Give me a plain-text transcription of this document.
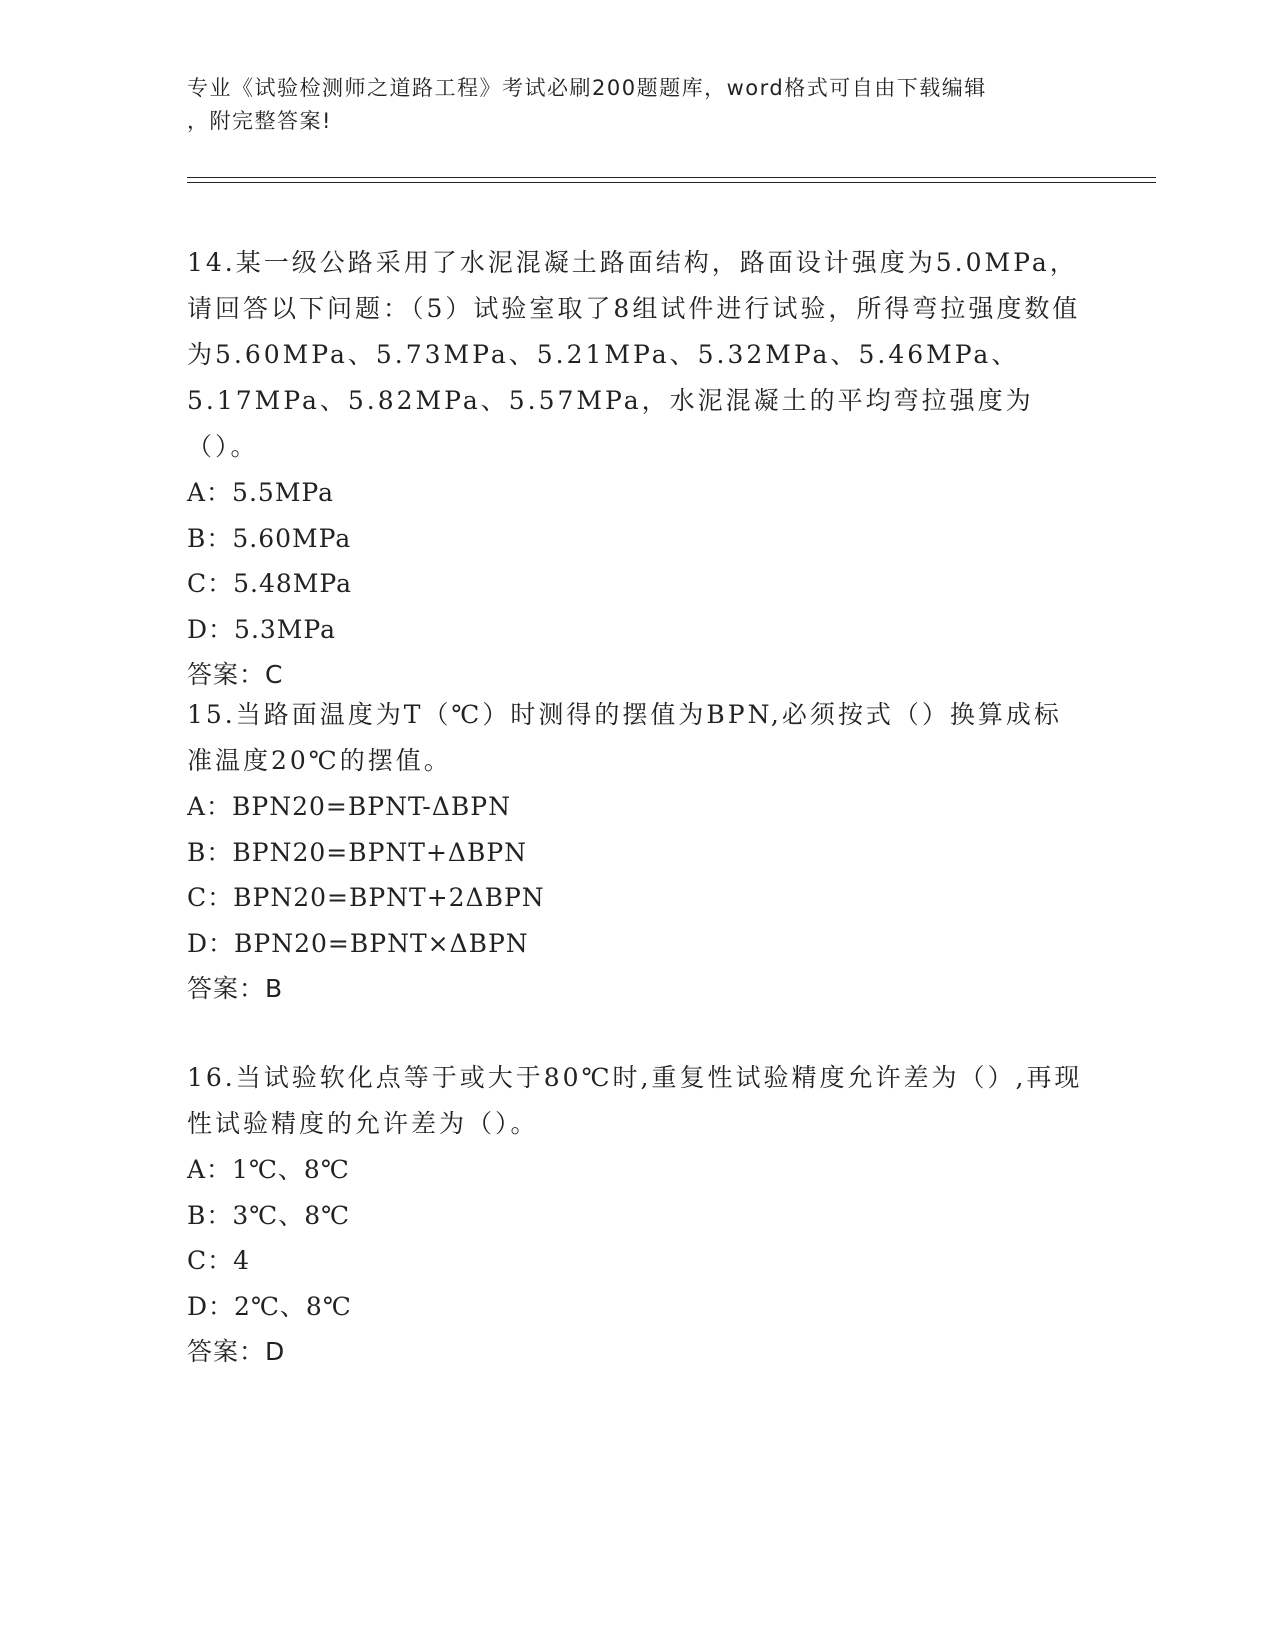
专业《试验检测师之道路工程》考试必刷200题题库，word格式可自由下载编辑
，附完整答案!

14.某一级公路采用了水泥混凝土路面结构，路面设计强度为5.0MPa，请回答以下问题：（5）试验室取了8组试件进行试验，所得弯拉强度数值为5.60MPa、5.73MPa、5.21MPa、5.32MPa、5.46MPa、5.17MPa、5.82MPa、5.57MPa，水泥混凝土的平均弯拉强度为（）。

A：5.5MPa

B：5.60MPa

C：5.48MPa

D：5.3MPa

答案：C

15.当路面温度为T（℃）时测得的摆值为BPN,必须按式（）换算成标准温度20℃的摆值。

A：BPN20=BPNT-ΔBPN

B：BPN20=BPNT+ΔBPN

C：BPN20=BPNT+2ΔBPN

D：BPN20=BPNT×ΔBPN

答案：B

16.当试验软化点等于或大于80℃时,重复性试验精度允许差为（）,再现性试验精度的允许差为（）。

A：1℃、8℃

B：3℃、8℃

C：4

D：2℃、8℃

答案：D
